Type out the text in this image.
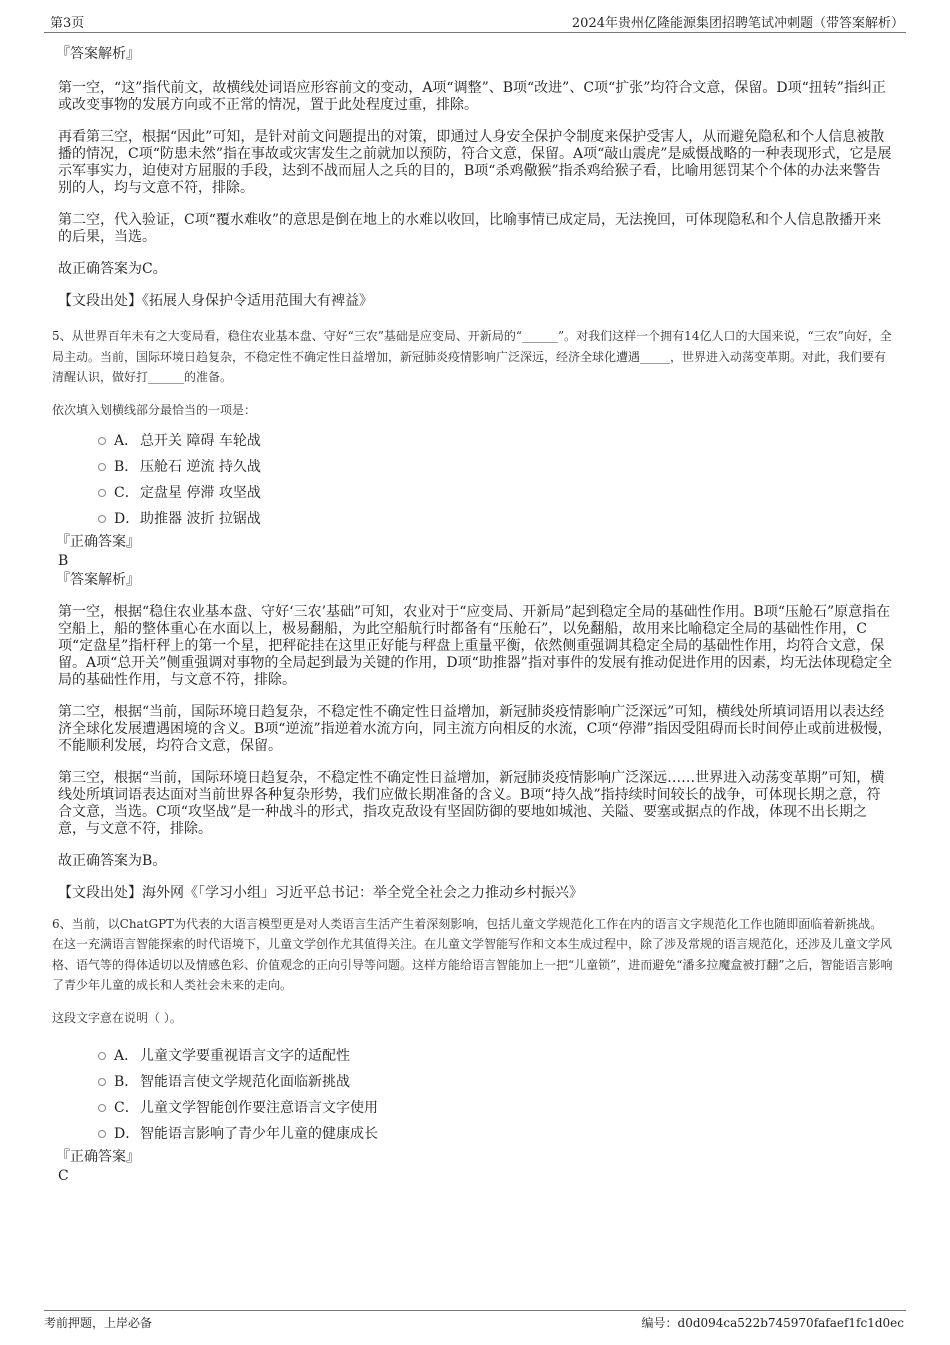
第3页	2024年贵州亿隆能源集团招聘笔试冲刺题（带答案解析）
『答案解析』

第一空，“这”指代前文，故横线处词语应形容前文的变动，A项“调整”、B项“改进”、C项“扩张”均符合文意，保留。D项“扭转”指纠正或改变事物的发展方向或不正常的情况，置于此处程度过重，排除。

再看第三空，根据“因此”可知，是针对前文问题提出的对策，即通过人身安全保护令制度来保护受害人，从而避免隐私和个人信息被散播的情况，C项“防患未然”指在事故或灾害发生之前就加以预防，符合文意，保留。A项“敲山震虎”是威慑战略的一种表现形式，它是展示军事实力，迫使对方屈服的手段，达到不战而屈人之兵的目的，B项“杀鸡儆猴”指杀鸡给猴子看，比喻用惩罚某个个体的办法来警告别的人，均与文意不符，排除。

第二空，代入验证，C项“覆水难收”的意思是倒在地上的水难以收回，比喻事情已成定局，无法挽回，可体现隐私和个人信息散播开来的后果，当选。

故正确答案为C。

【文段出处】《拓展人身保护令适用范围大有裨益》

5、从世界百年未有之大变局看，稳住农业基本盘、守好“三农”基础是应变局、开新局的“______”。对我们这样一个拥有14亿人口的大国来说，“三农”向好，全局主动。当前，国际环境日趋复杂，不稳定性不确定性日益增加，新冠肺炎疫情影响广泛深远，经济全球化遭遇_____，世界进入动荡变革期。对此，我们要有清醒认识，做好打______的准备。

依次填入划横线部分最恰当的一项是：

A． 总开关 障碍 车轮战
B． 压舱石 逆流 持久战
C． 定盘星 停滞 攻坚战
D． 助推器 波折 拉锯战
『正确答案』
B
『答案解析』

第一空，根据“稳住农业基本盘、守好‘三农’基础”可知，农业对于“应变局、开新局”起到稳定全局的基础性作用。B项“压舱石”原意指在空船上，船的整体重心在水面以上，极易翻船，为此空船航行时都备有“压舱石”，以免翻船，故用来比喻稳定全局的基础性作用，C项“定盘星”指杆秤上的第一个星，把秤砣挂在这里正好能与秤盘上重量平衡，依然侧重强调其稳定全局的基础性作用，均符合文意，保留。A项“总开关”侧重强调对事物的全局起到最为关键的作用，D项“助推器”指对事件的发展有推动促进作用的因素，均无法体现稳定全局的基础性作用，与文意不符，排除。

第二空，根据“当前，国际环境日趋复杂，不稳定性不确定性日益增加，新冠肺炎疫情影响广泛深远”可知，横线处所填词语用以表达经济全球化发展遭遇困境的含义。B项“逆流”指逆着水流方向，同主流方向相反的水流，C项“停滞”指因受阻碍而长时间停止或前进极慢，不能顺利发展，均符合文意，保留。

第三空，根据“当前，国际环境日趋复杂，不稳定性不确定性日益增加，新冠肺炎疫情影响广泛深远……世界进入动荡变革期”可知，横线处所填词语表达面对当前世界各种复杂形势，我们应做长期准备的含义。B项“持久战”指持续时间较长的战争，可体现长期之意，符合文意，当选。C项“攻坚战”是一种战斗的形式，指攻克敌设有坚固防御的要地如城池、关隘、要塞或据点的作战，体现不出长期之意，与文意不符，排除。

故正确答案为B。

【文段出处】海外网《「学习小组」习近平总书记：举全党全社会之力推动乡村振兴》

6、当前，以ChatGPT为代表的大语言模型更是对人类语言生活产生着深刻影响，包括儿童文学规范化工作在内的语言文字规范化工作也随即面临着新挑战。在这一充满语言智能探索的时代语境下，儿童文学创作尤其值得关注。在儿童文学智能写作和文本生成过程中，除了涉及常规的语言规范化，还涉及儿童文学风格、语气等的得体适切以及情感色彩、价值观念的正向引导等问题。这样方能给语言智能加上一把“儿童锁”，进而避免“潘多拉魔盒被打翻”之后，智能语言影响了青少年儿童的成长和人类社会未来的走向。

这段文字意在说明（ ）。

A． 儿童文学要重视语言文字的适配性
B． 智能语言使文学规范化面临新挑战
C． 儿童文学智能创作要注意语言文字使用
D． 智能语言影响了青少年儿童的健康成长
『正确答案』
C
考前押题，上岸必备	编号：d0d094ca522b745970fafaef1fc1d0ec
